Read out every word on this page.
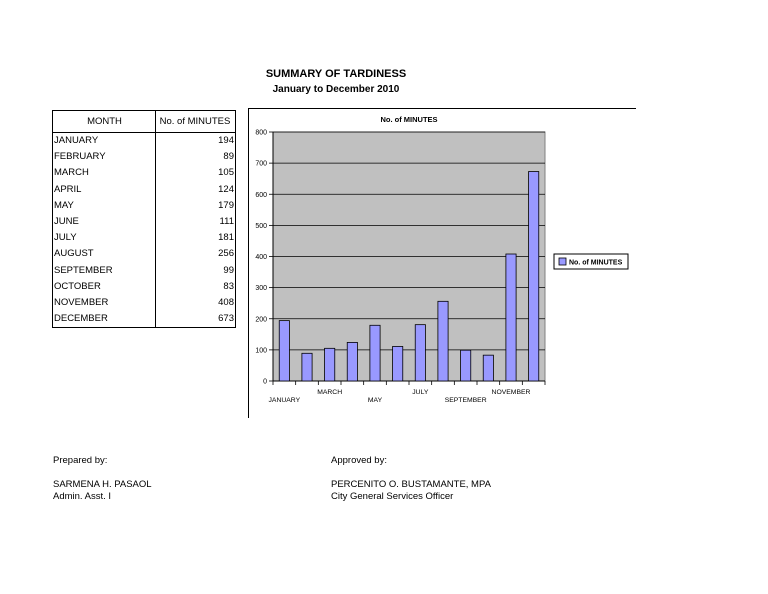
SUMMARY OF TARDINESS
January to December 2010
MONTH	No. of MINUTES
JANUARY	194
FEBRUARY	89
MARCH	105
APRIL	124
MAY	179
JUNE	111
JULY	181
AUGUST	256
SEPTEMBER	99
OCTOBER	83
NOVEMBER	408
DECEMBER	673
No. of MINUTES
0
100
200
300
400
500
600
700
800
JANUARY
MARCH
MAY
JULY
SEPTEMBER
NOVEMBER
No. of MINUTES
Prepared by:
SARMENA H. PASAOL
Admin. Asst. I
Approved by:
PERCENITO O. BUSTAMANTE, MPA
City General Services Officer
